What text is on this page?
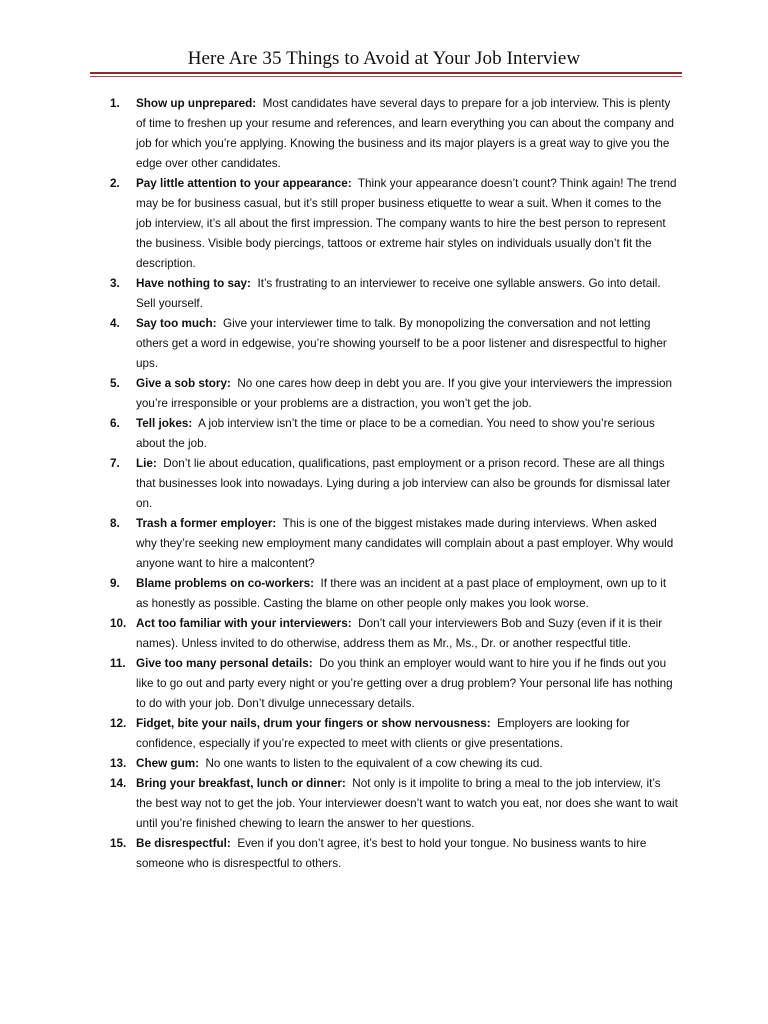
Here Are 35 Things to Avoid at Your Job Interview
1. Show up unprepared: Most candidates have several days to prepare for a job interview. This is plenty of time to freshen up your resume and references, and learn everything you can about the company and job for which you’re applying. Knowing the business and its major players is a great way to give you the edge over other candidates.
2. Pay little attention to your appearance: Think your appearance doesn’t count? Think again! The trend may be for business casual, but it’s still proper business etiquette to wear a suit. When it comes to the job interview, it’s all about the first impression. The company wants to hire the best person to represent the business. Visible body piercings, tattoos or extreme hair styles on individuals usually don’t fit the description.
3. Have nothing to say: It’s frustrating to an interviewer to receive one syllable answers. Go into detail. Sell yourself.
4. Say too much: Give your interviewer time to talk. By monopolizing the conversation and not letting others get a word in edgewise, you’re showing yourself to be a poor listener and disrespectful to higher ups.
5. Give a sob story: No one cares how deep in debt you are. If you give your interviewers the impression you’re irresponsible or your problems are a distraction, you won’t get the job.
6. Tell jokes: A job interview isn’t the time or place to be a comedian. You need to show you’re serious about the job.
7. Lie: Don’t lie about education, qualifications, past employment or a prison record. These are all things that businesses look into nowadays. Lying during a job interview can also be grounds for dismissal later on.
8. Trash a former employer: This is one of the biggest mistakes made during interviews. When asked why they’re seeking new employment many candidates will complain about a past employer. Why would anyone want to hire a malcontent?
9. Blame problems on co-workers: If there was an incident at a past place of employment, own up to it as honestly as possible. Casting the blame on other people only makes you look worse.
10. Act too familiar with your interviewers: Don’t call your interviewers Bob and Suzy (even if it is their names). Unless invited to do otherwise, address them as Mr., Ms., Dr. or another respectful title.
11. Give too many personal details: Do you think an employer would want to hire you if he finds out you like to go out and party every night or you’re getting over a drug problem? Your personal life has nothing to do with your job. Don’t divulge unnecessary details.
12. Fidget, bite your nails, drum your fingers or show nervousness: Employers are looking for confidence, especially if you’re expected to meet with clients or give presentations.
13. Chew gum: No one wants to listen to the equivalent of a cow chewing its cud.
14. Bring your breakfast, lunch or dinner: Not only is it impolite to bring a meal to the job interview, it’s the best way not to get the job. Your interviewer doesn’t want to watch you eat, nor does she want to wait until you’re finished chewing to learn the answer to her questions.
15. Be disrespectful: Even if you don’t agree, it’s best to hold your tongue. No business wants to hire someone who is disrespectful to others.
